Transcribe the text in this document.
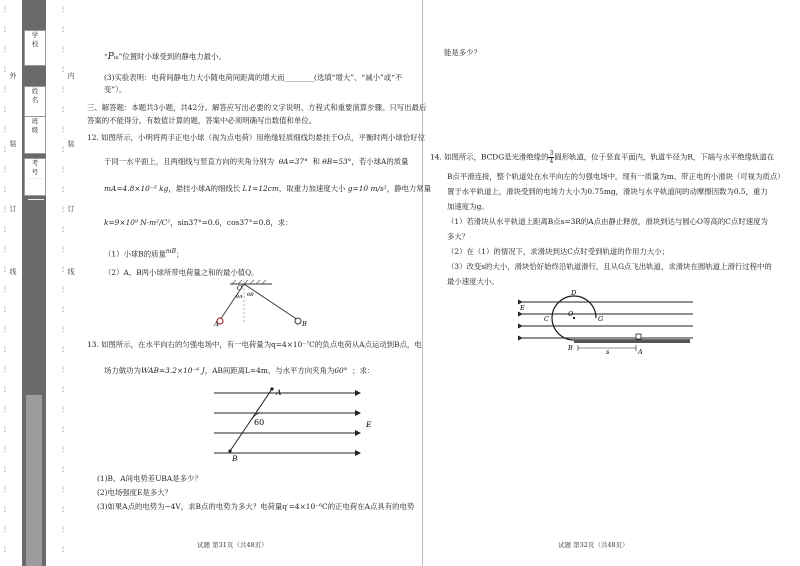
⋮
⋮
⋮
⋮
⋮
⋮
⋮
⋮
⋮
⋮
⋮
⋮
⋮
⋮
⋮
⋮
⋮
⋮
⋮
⋮
⋮
⋮
⋮
⋮
⋮
⋮
⋮
⋮
⋮
⋮
⋮
⋮
⋮
⋮
⋮
⋮
⋮
⋮
⋮
⋮
⋮
⋮
⋮
⋮
⋮
⋮
⋮
⋮
⋮
⋮
⋮
⋮
⋮
⋮
⋮
⋮
外
装
订
线
内
装
订
线
学
校
姓
名
班
级
考
号
“Pm”位置时小球受到的静电力最小。
(3)实验表明：电荷间静电力大小随电荷间距离的增大而________(选填“增大”、“减小”或“不
变”）。
三、解答题：本题共3小题，共42分。解答应写出必要的文字说明、方程式和重要演算步骤。只写出最后
答案的不能得分。有数值计算的题，答案中必须明确写出数值和单位。
12. 如图所示，小明将两手正电小球（视为点电荷）用绝缘轻质细线均悬挂于O点，平衡时两小球恰好位
于同一水平面上，且两细线与竖直方向的夹角分别为 θA=37° 和 θB=53°，若小球A的质量
mA=4.8×10⁻³ kg，悬挂小球A的细线长 L1=12cm，取重力加速度大小 g=10 m/s²，静电力常量
k=9×10⁹ N·m²/C²，sin37°=0.6，cos37°=0.8，求：
（1）小球B的质量$^{mB}$；
（2）A、B两小球所带电荷量之和的最小值Q。
O
θA θB
A	B
13. 如图所示，在水平向右的匀强电场中，有一电荷量为q=4×10⁻⁷C的负点电荷从A点运动到B点，电
场力做功为WAB=3.2×10⁻⁶ J，AB间距离L=4m，与水平方向夹角为60° ；求：
A
B
60	E
(1)B、A间电势差UBA是多少？
(2)电场强度E是多大？
(3)如果A点的电势为−4V，求B点的电势为多大？电荷量q′=4×10⁻⁶C的正电荷在A点具有的电势
试题 第31页（共48页）
能是多少？
14. 如图所示，BCDG是光滑绝缘的$\frac{3}{4}$圆形轨道，位于竖直平面内，轨道半径为R，下端与水平绝缘轨道在
B点平滑连接，整个轨道处在水平向左的匀强电场中。现有一质量为m、带正电的小滑块（可视为质点）
置于水平轨道上，滑块受到的电场力大小为0.75mg，滑块与水平轨道间的动摩擦因数为0.5，重力
加速度为g。
（1）若滑块从水平轨道上距离B点s=3R的A点由静止释放，滑块到达与圆心O等高的C点时速度为
多大？
（2）在（1）的情况下，求滑块到达C点时受到轨道的作用力大小；
（3）改变s的大小，滑块恰好始终沿轨道滑行，且从G点飞出轨道，求滑块在圆轨道上滑行过程中的
最小速度大小。
D
C
O
G
E
B	s	A
试题 第32页（共48页）
